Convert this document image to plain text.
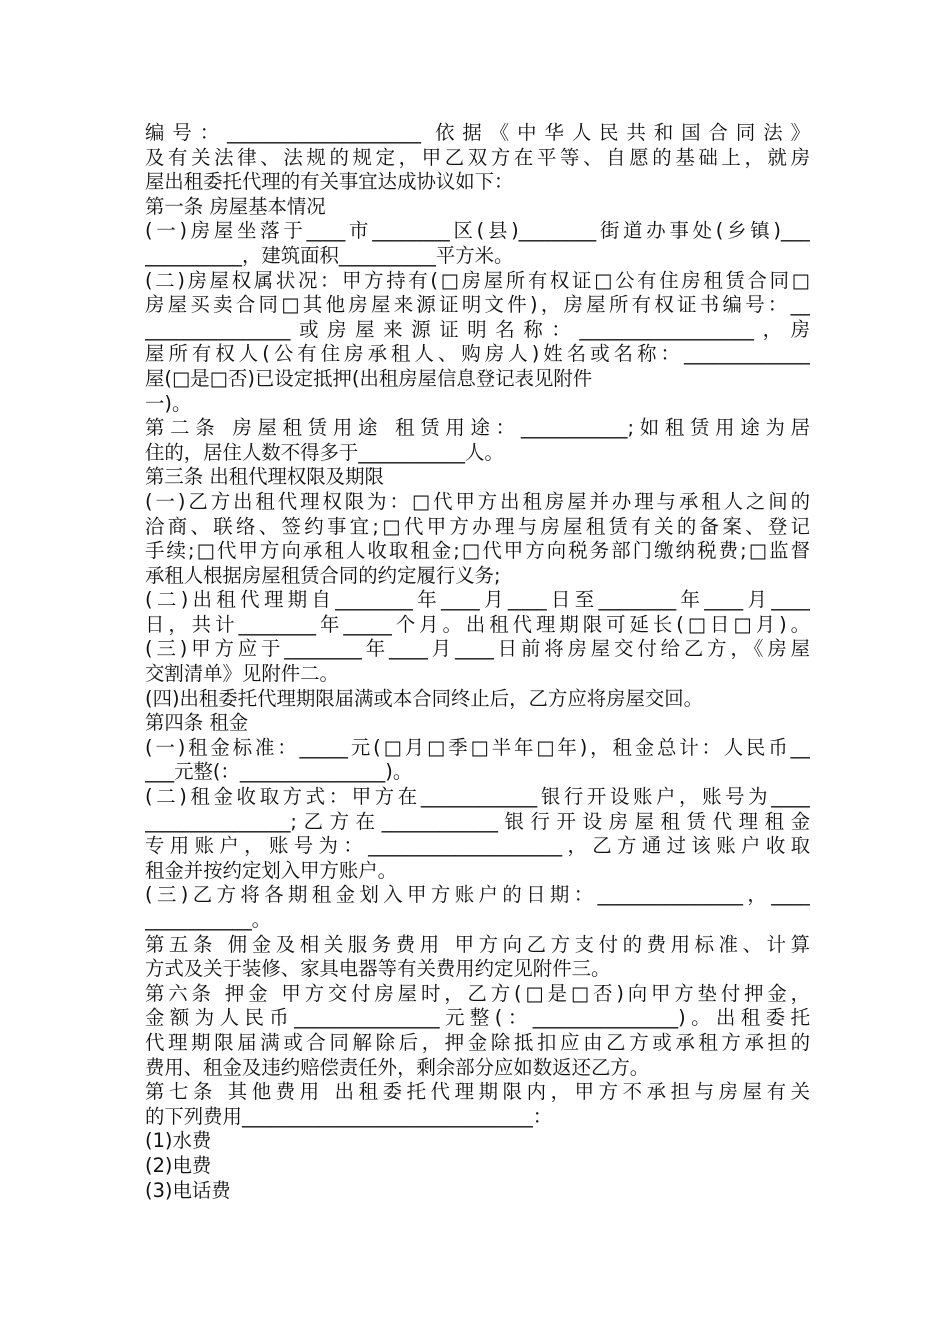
编号：____________________ 依据《中华人民共和国合同法》
及有关法律、法规的规定，甲乙双方在平等、自愿的基础上，就房
屋出租委托代理的有关事宜达成协议如下：
第一条 房屋基本情况
(一)房屋坐落于____市________区(县)________街道办事处(乡镇)___
__________，建筑面积__________平方米。
(二)房屋权属状况：甲方持有(□房屋所有权证□公有住房租赁合同□
房屋买卖合同□其他房屋来源证明文件)，房屋所有权证书编号：__
_______________或房屋来源证明名称：__________________，房
屋所有权人(公有住房承租人、购房人)姓名或名称：_____________
屋(□是□否)已设定抵押(出租房屋信息登记表见附件
一)。
第二条 房屋租赁用途 租赁用途：___________;如租赁用途为居
住的，居住人数不得多于___________人。
第三条 出租代理权限及期限
(一)乙方出租代理权限为：□代甲方出租房屋并办理与承租人之间的
洽商、联络、签约事宜;□代甲方办理与房屋租赁有关的备案、登记
手续;□代甲方向承租人收取租金;□代甲方向税务部门缴纳税费;□监督
承租人根据房屋租赁合同的约定履行义务;
(二)出租代理期自________年____月____日至________年____月____
日，共计________年_____个月。出租代理期限可延长(□日□月)。
(三)甲方应于________年____月____日前将房屋交付给乙方，《房屋
交割清单》见附件二。
(四)出租委托代理期限届满或本合同终止后，乙方应将房屋交回。
第四条 租金
(一)租金标准：_____元(□月□季□半年□年)，租金总计：人民币__
___元整(：_______________)。
(二)租金收取方式：甲方在____________银行开设账户，账号为____
_______________;乙方在____________银行开设房屋租赁代理租金
专用账户，账号为：____________________，乙方通过该账户收取
租金并按约定划入甲方账户。
(三)乙方将各期租金划入甲方账户的日期：_______________，____
___________。
第五条 佣金及相关服务费用 甲方向乙方支付的费用标准、计算
方式及关于装修、家具电器等有关费用约定见附件三。
第六条 押金 甲方交付房屋时，乙方(□是□否)向甲方垫付押金，
金额为人民币_______________元整(：_______________)。出租委托
代理期限届满或合同解除后，押金除抵扣应由乙方或承租方承担的
费用、租金及违约赔偿责任外，剩余部分应如数返还乙方。
第七条 其他费用 出租委托代理期限内，甲方不承担与房屋有关
的下列费用______________________________：
(1)水费
(2)电费
(3)电话费
